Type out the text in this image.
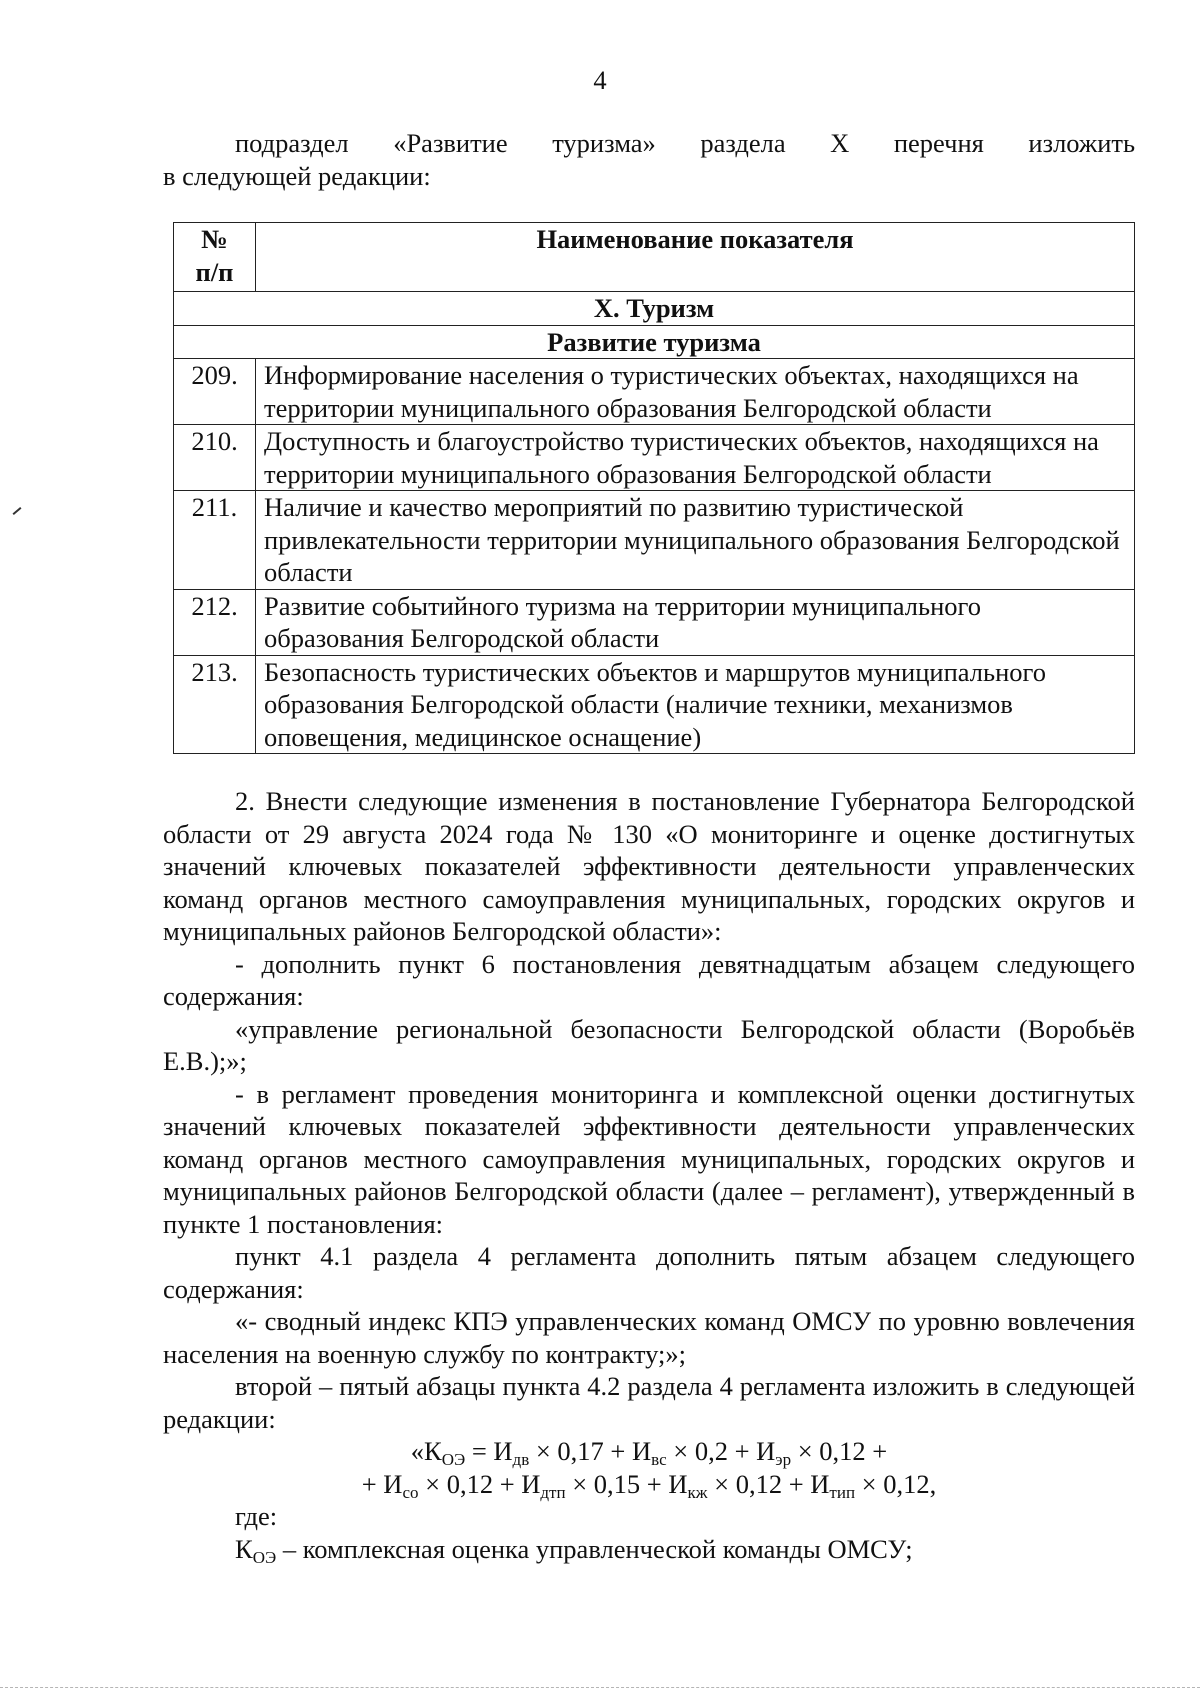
4
подраздел «Развитие туризма» раздела X перечня изложить
в следующей редакции:
№
п/п	Наименование показателя
X. Туризм	
Развитие туризма	
209.	Информирование населения о туристических объектах, находящихся на территории муниципального образования Белгородской области
210.	Доступность и благоустройство туристических объектов, находящихся на территории муниципального образования Белгородской области
211.	Наличие и качество мероприятий по развитию туристической привлекательности территории муниципального образования Белгородской области
212.	Развитие событийного туризма на территории муниципального образования Белгородской области
213.	Безопасность туристических объектов и маршрутов муниципального образования Белгородской области (наличие техники, механизмов оповещения, медицинское оснащение)

2. Внести следующие изменения в постановление Губернатора Белгородской области от 29 августа 2024 года № 130 «О мониторинге и оценке достигнутых значений ключевых показателей эффективности деятельности управленческих команд органов местного самоуправления муниципальных, городских округов и муниципальных районов Белгородской области»:

- дополнить пункт 6 постановления девятнадцатым абзацем следующего содержания:

«управление региональной безопасности Белгородской области (Воробьёв Е.В.);»;

- в регламент проведения мониторинга и комплексной оценки достигнутых значений ключевых показателей эффективности деятельности управленческих команд органов местного самоуправления муниципальных, городских округов и муниципальных районов Белгородской области (далее – регламент), утвержденный в пункте 1 постановления:

пункт 4.1 раздела 4 регламента дополнить пятым абзацем следующего содержания:

«- сводный индекс КПЭ управленческих команд ОМСУ по уровню вовлечения населения на военную службу по контракту;»;

второй – пятый абзацы пункта 4.2 раздела 4 регламента изложить в следующей редакции:

«$К_{ОЭ} = И_{дв} \times 0,17 + И_{вс} \times 0,2 + И_{эр} \times 0,12$ +
+ $И_{со} \times 0,12 + И_{дтп} \times 0,15 + И_{кж} \times 0,12 + И_{тип} \times 0,12$,

где:

$К_{ОЭ}$ – комплексная оценка управленческой команды ОМСУ;
